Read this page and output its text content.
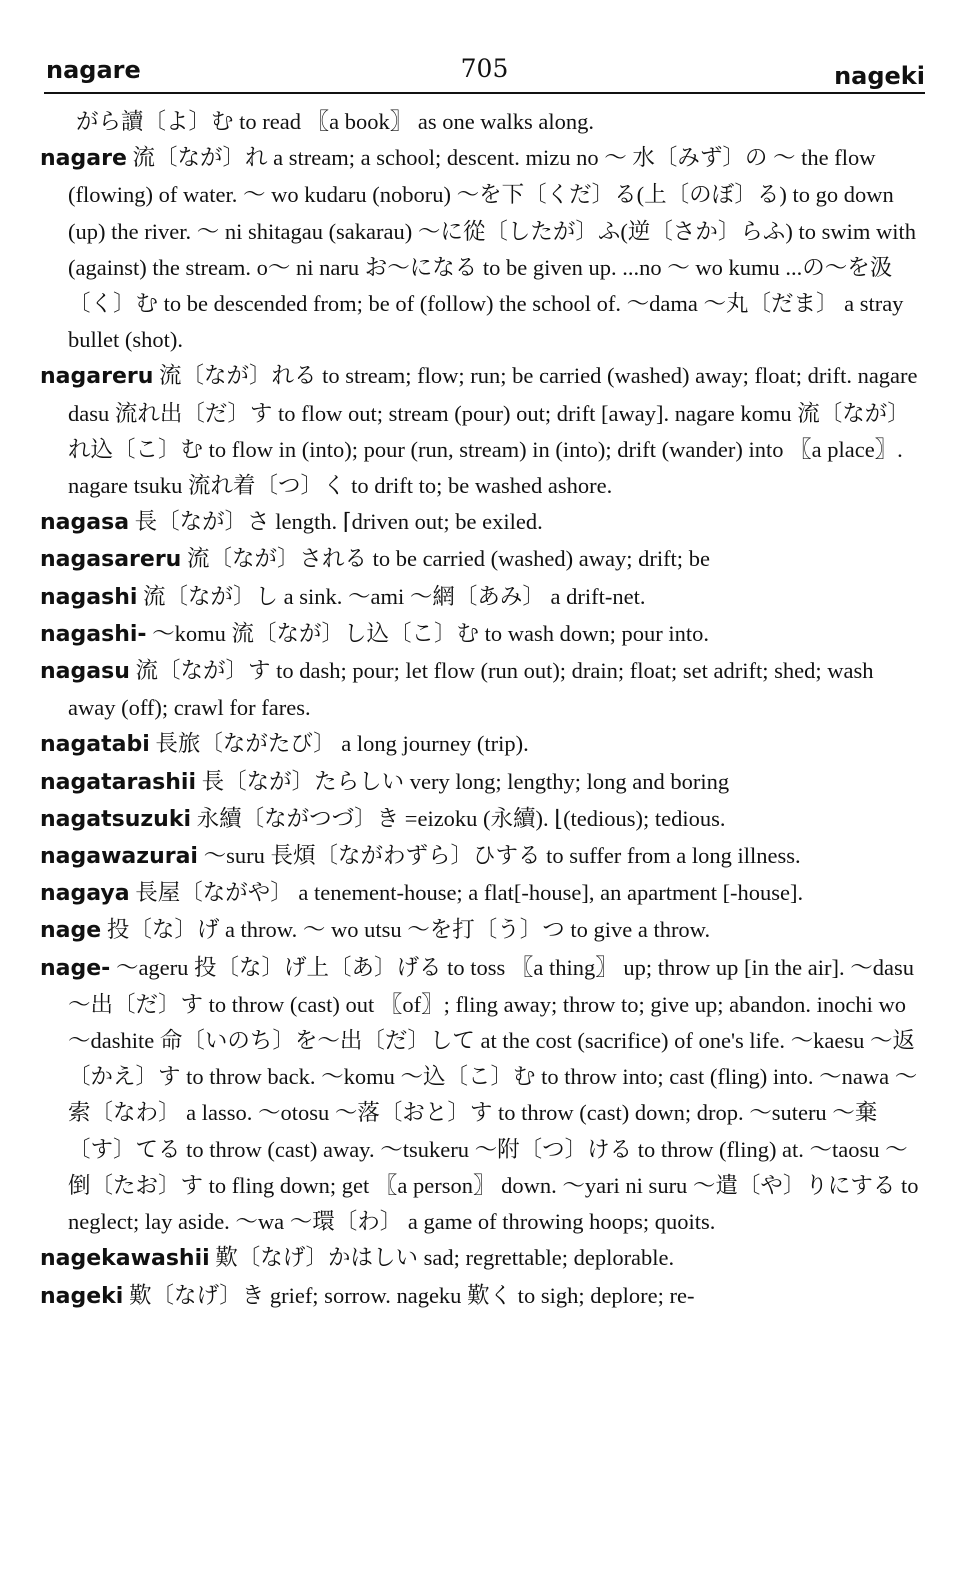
nagare	705	nageki

がら讀〔よ〕む to read 〖a book〗 as one walks along.

nagare 流〔なが〕れ a stream; a school; descent. mizu no ～ 水〔みず〕の ～ the flow (flowing) of water. ～ wo kudaru (noboru) ～を下〔くだ〕る(上〔のぼ〕る) to go down (up) the river. ～ ni shitagau (sakarau) ～に從〔したが〕ふ(逆〔さか〕らふ) to swim with (against) the stream. o～ ni naru お～になる to be given up. ...no ～ wo kumu ...の～を汲〔く〕む to be descended from; be of (follow) the school of. ～dama ～丸〔だま〕 a stray bullet (shot).

nagareru 流〔なが〕れる to stream; flow; run; be carried (washed) away; float; drift. nagare dasu 流れ出〔だ〕す to flow out; stream (pour) out; drift [away]. nagare komu 流〔なが〕れ込〔こ〕む to flow in (into); pour (run, stream) in (into); drift (wander) into 〖a place〗. nagare tsuku 流れ着〔つ〕く to drift to; be washed ashore.

nagasa 長〔なが〕さ length. ⌈driven out; be exiled.

nagasareru 流〔なが〕される to be carried (washed) away; drift; be

nagashi 流〔なが〕し a sink. ～ami ～網〔あみ〕 a drift-net.

nagashi- ～komu 流〔なが〕し込〔こ〕む to wash down; pour into.

nagasu 流〔なが〕す to dash; pour; let flow (run out); drain; float; set adrift; shed; wash away (off); crawl for fares.

nagatabi 長旅〔ながたび〕 a long journey (trip).

nagatarashii 長〔なが〕たらしい very long; lengthy; long and boring

nagatsuzuki 永續〔ながつづ〕き =eizoku (永續). ⌊(tedious); tedious.

nagawazurai ～suru 長煩〔ながわずら〕ひする to suffer from a long illness.

nagaya 長屋〔ながや〕 a tenement-house; a flat[-house], an apartment [-house].

nage 投〔な〕げ a throw. ～ wo utsu ～を打〔う〕つ to give a throw.

nage- ～ageru 投〔な〕げ上〔あ〕げる to toss 〖a thing〗 up; throw up [in the air]. ～dasu ～出〔だ〕す to throw (cast) out 〖of〗; fling away; throw to; give up; abandon. inochi wo ～dashite 命〔いのち〕を～出〔だ〕して at the cost (sacrifice) of one's life. ～kaesu ～返〔かえ〕す to throw back. ～komu ～込〔こ〕む to throw into; cast (fling) into. ～nawa ～索〔なわ〕 a lasso. ～otosu ～落〔おと〕す to throw (cast) down; drop. ～suteru ～棄〔す〕てる to throw (cast) away. ～tsukeru ～附〔つ〕ける to throw (fling) at. ～taosu ～倒〔たお〕す to fling down; get 〖a person〗 down. ～yari ni suru ～遣〔や〕りにする to neglect; lay aside. ～wa ～環〔わ〕 a game of throwing hoops; quoits.

nagekawashii 歎〔なげ〕かはしい sad; regrettable; deplorable.

nageki 歎〔なげ〕き grief; sorrow. nageku 歎く to sigh; deplore; re-
